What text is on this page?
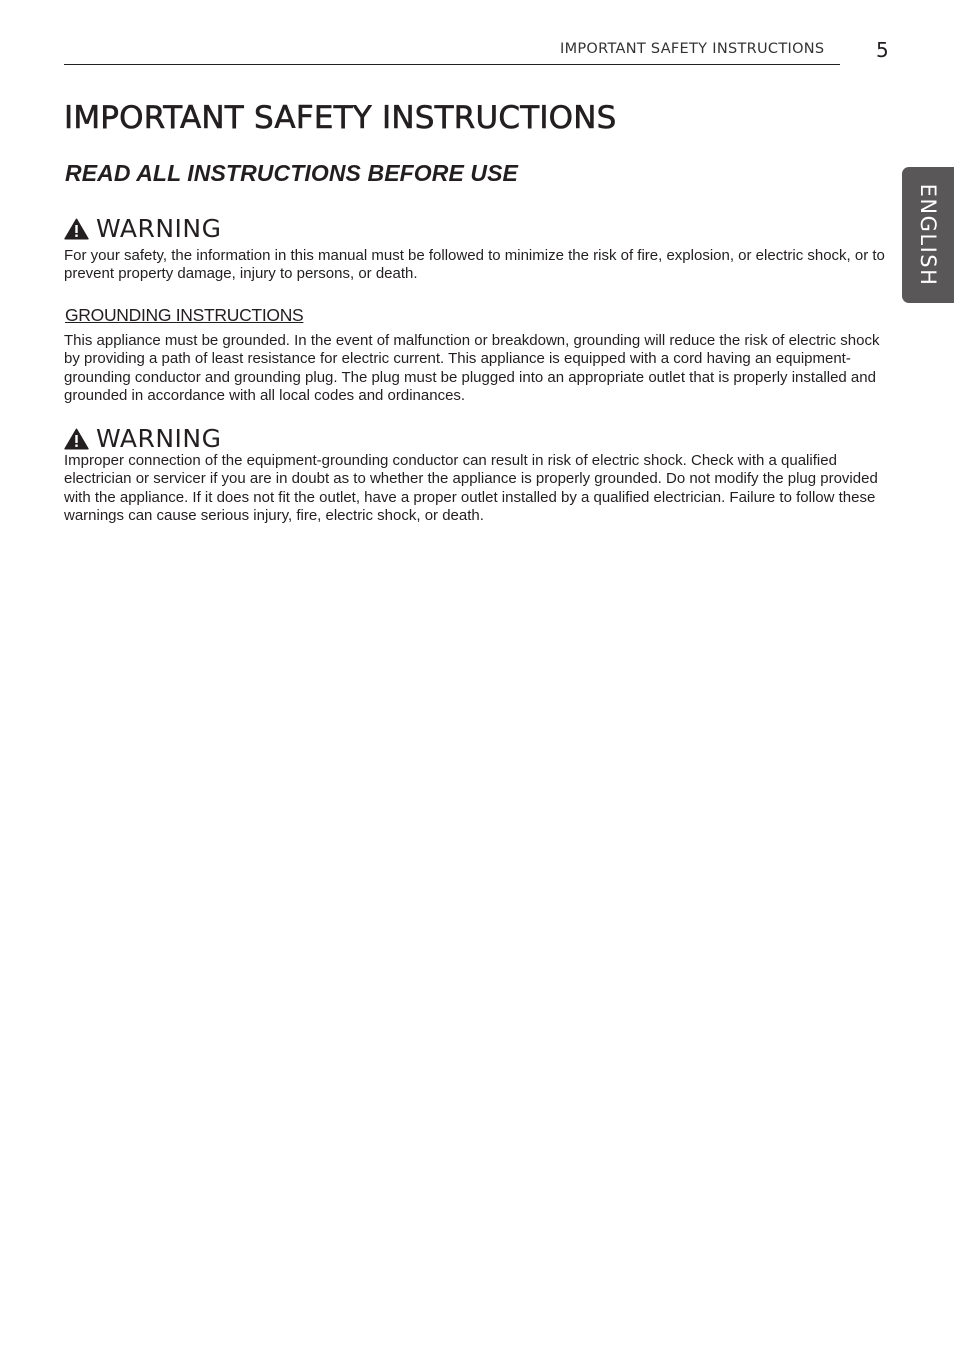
IMPORTANT SAFETY INSTRUCTIONS	5
IMPORTANT SAFETY INSTRUCTIONS
READ ALL INSTRUCTIONS BEFORE USE
ENGLISH
WARNING

For your safety, the information in this manual must be followed to minimize the risk of fire, explosion, or electric shock, or to prevent property damage, injury to persons, or death.

GROUNDING INSTRUCTIONS

This appliance must be grounded. In the event of malfunction or breakdown, grounding will reduce the risk of electric shock by providing a path of least resistance for electric current. This appliance is equipped with a cord having an equipment-grounding conductor and grounding plug. The plug must be plugged into an appropriate outlet that is properly installed and grounded in accordance with all local codes and ordinances.

WARNING

Improper connection of the equipment-grounding conductor can result in risk of electric shock. Check with a qualified electrician or servicer if you are in doubt as to whether the appliance is properly grounded. Do not modify the plug provided with the appliance. If it does not fit the outlet, have a proper outlet installed by a qualified electrician. Failure to follow these warnings can cause serious injury, fire, electric shock, or death.
